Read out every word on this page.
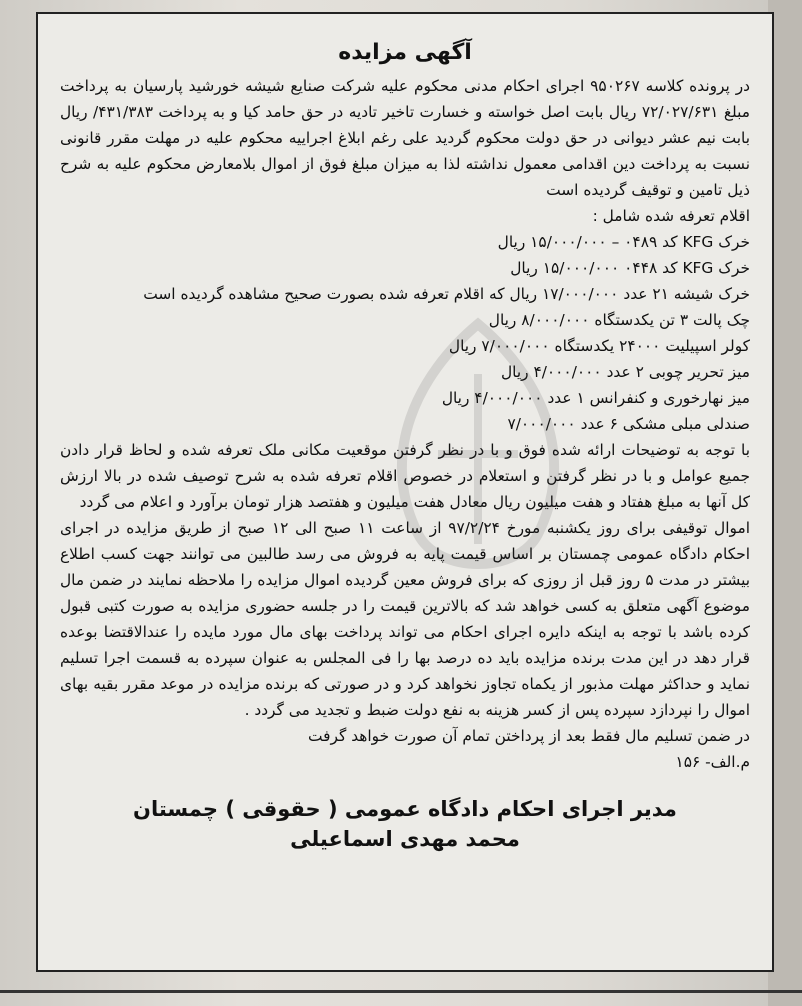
آگهی مزایده

در پرونده کلاسه ۹۵۰۲۶۷ اجرای احکام مدنی محکوم علیه شرکت صنایع شیشه خورشید پارسیان به پرداخت مبلغ ۷۲/۰۲۷/۶۳۱ ریال بابت اصل خواسته و خسارت تاخیر تادیه در حق حامد کیا و به پرداخت ۴۳۱/۳۸۳/ ریال بابت نیم عشر دیوانی در حق دولت محکوم گردید علی رغم ابلاغ اجراییه محکوم علیه در مهلت مقرر قانونی نسبت به پرداخت دین اقدامی معمول نداشته لذا به میزان مبلغ فوق از اموال بلامعارض محکوم علیه به شرح ذیل تامین و توقیف گردیده است

اقلام تعرفه شده شامل :

خرک KFG کد ۰۴۸۹ – ۱۵/۰۰۰/۰۰۰ ریال
خرک KFG کد ۰۴۴۸ ۱۵/۰۰۰/۰۰۰ ریال
خرک شیشه ۲۱ عدد ۱۷/۰۰۰/۰۰۰ ریال که اقلام تعرفه شده بصورت صحیح مشاهده گردیده است
چک پالت ۳ تن یکدستگاه ۸/۰۰۰/۰۰۰ ریال
کولر اسپیلیت ۲۴۰۰۰ یکدستگاه ۷/۰۰۰/۰۰۰ ریال
میز تحریر چوبی ۲ عدد ۴/۰۰۰/۰۰۰ ریال
میز نهارخوری و کنفرانس ۱ عدد ۴/۰۰۰/۰۰۰ ریال
صندلی مبلی مشکی ۶ عدد ۷/۰۰۰/۰۰۰

با توجه به توضیحات ارائه شده فوق و با در نظر گرفتن موقعیت مکانی ملک تعرفه شده و لحاظ قرار دادن جمیع عوامل و با در نظر گرفتن و استعلام در خصوص اقلام تعرفه شده به شرح توصیف شده در بالا ارزش کل آنها به مبلغ هفتاد و هفت میلیون ریال معادل هفت میلیون و هفتصد هزار تومان برآورد و اعلام می گردد

اموال توقیفی برای روز یکشنبه مورخ ۹۷/۲/۲۴ از ساعت ۱۱ صبح الی ۱۲ صبح از طریق مزایده در اجرای احکام دادگاه عمومی چمستان بر اساس قیمت پایه به فروش می رسد طالبین می توانند جهت کسب اطلاع بیشتر در مدت ۵ روز قبل از روزی که برای فروش معین گردیده اموال مزایده را ملاحظه نمایند در ضمن مال موضوع آگهی متعلق به کسی خواهد شد که بالاترین قیمت را در جلسه حضوری مزایده به صورت کتبی قبول کرده باشد با توجه به اینکه دایره اجرای احکام می تواند پرداخت بهای مال مورد مایده را عندالاقتضا بوعده قرار دهد در این مدت برنده مزایده باید ده درصد بها را فی المجلس به عنوان سپرده به قسمت اجرا تسلیم نماید و حداکثر مهلت مذبور از یکماه تجاوز نخواهد کرد و در صورتی که برنده مزایده در موعد مقرر بقیه بهای اموال را نپردازد سپرده پس از کسر هزینه به نفع دولت ضبط و تجدید می گردد .

در ضمن تسلیم مال فقط بعد از پرداختن تمام آن صورت خواهد گرفت

م.الف- ۱۵۶

مدیر اجرای احکام دادگاه عمومی ( حقوقی ) چمستان
محمد مهدی اسماعیلی
